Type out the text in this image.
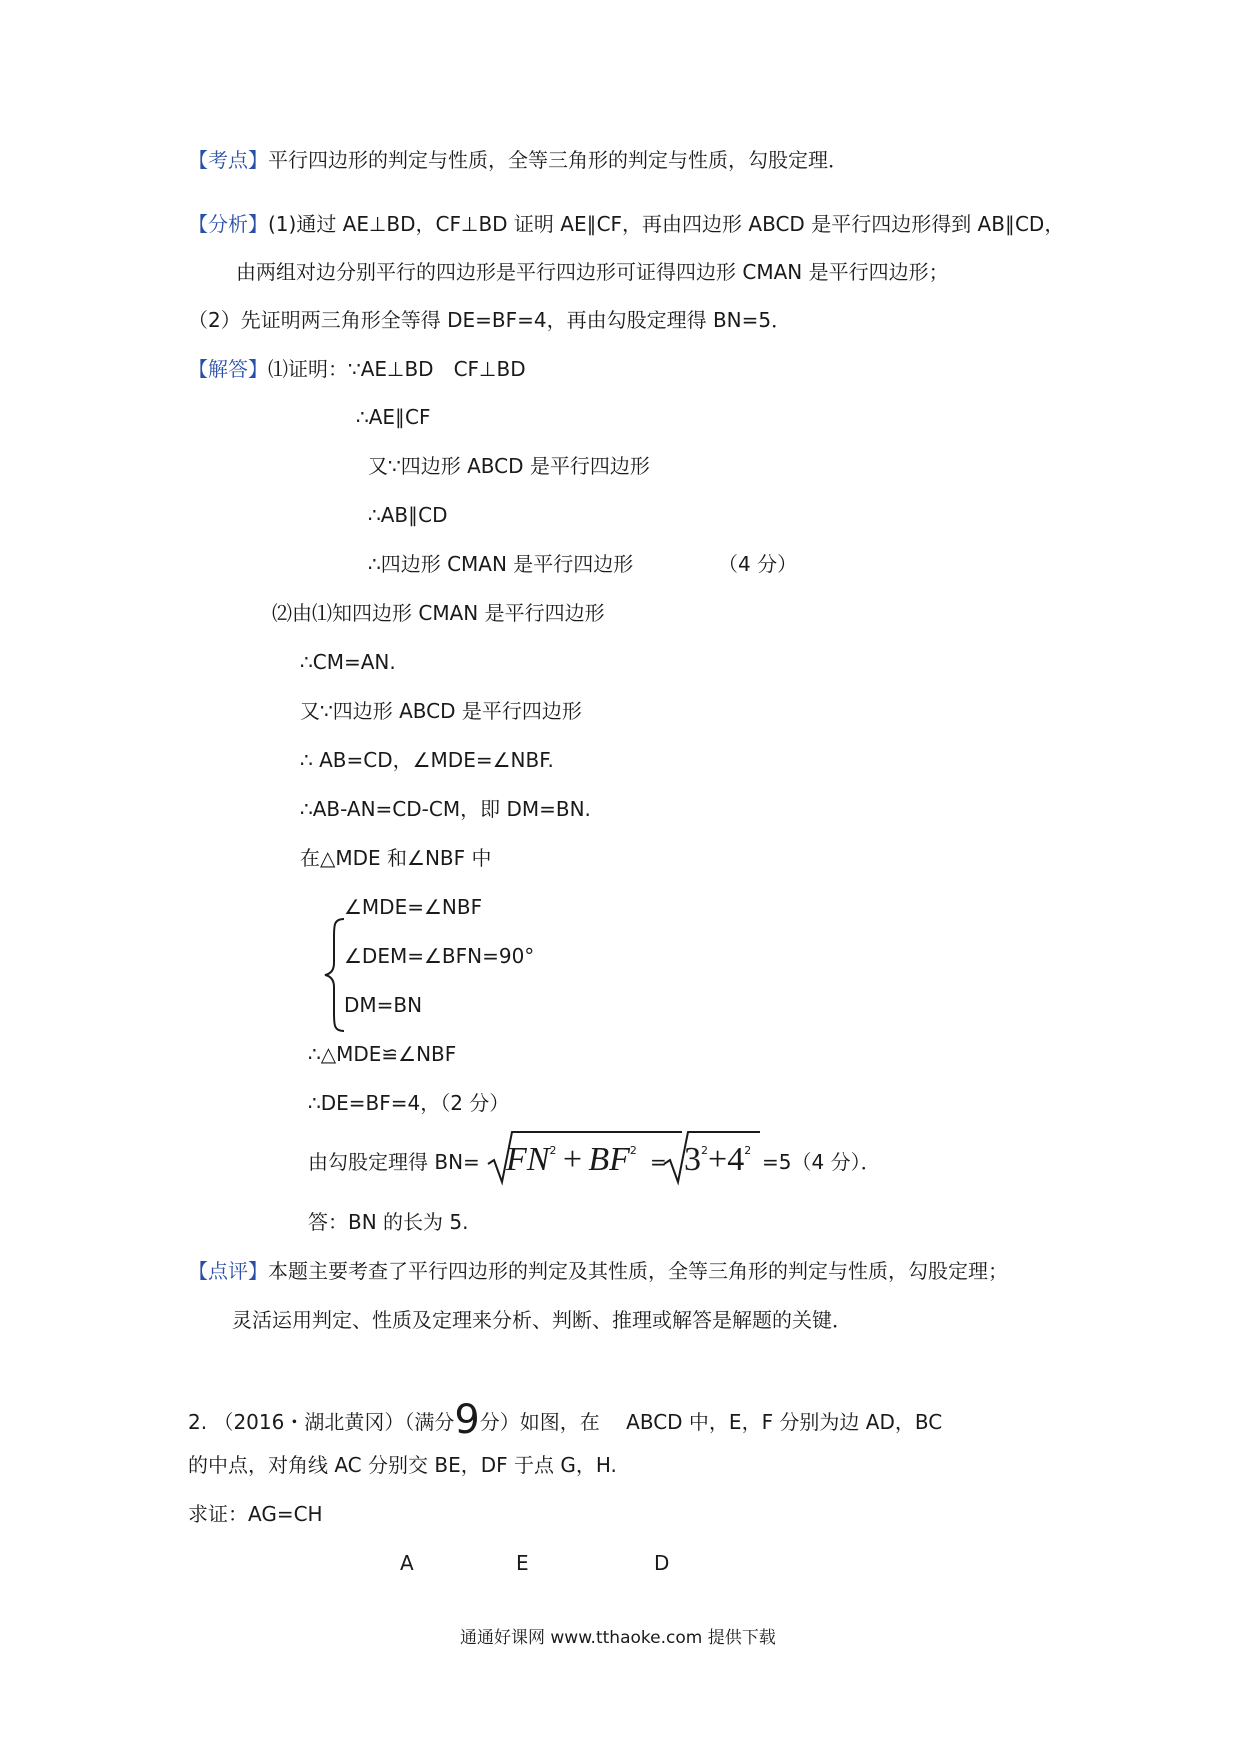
【考点】平行四边形的判定与性质，全等三角形的判定与性质，勾股定理．
【分析】(1)通过 AE⊥BD，CF⊥BD 证明 AE∥CF，再由四边形 ABCD 是平行四边形得到 AB∥CD，
由两组对边分别平行的四边形是平行四边形可证得四边形 CMAN 是平行四边形；
（2）先证明两三角形全等得 DE=BF=4，再由勾股定理得 BN=5．
【解答】⑴证明：∵AE⊥BD　CF⊥BD
∴AE∥CF
又∵四边形 ABCD 是平行四边形
∴AB∥CD
∴四边形 CMAN 是平行四边形	（4 分）
⑵由⑴知四边形 CMAN 是平行四边形
∴CM=AN.
又∵四边形 ABCD 是平行四边形
∴ AB=CD，∠MDE=∠NBF.
∴AB-AN=CD-CM，即 DM=BN.
在△MDE 和∠NBF 中
∠MDE=∠NBF
∠DEM=∠BFN=90°
DM=BN
∴△MDE≌∠NBF
∴DE=BF=4，（2 分）
由勾股定理得 $BN= FN^2 + BF^2 = 3^2+4^2 =5(4$ 分）．
答：BN 的长为 5.
【点评】本题主要考查了平行四边形的判定及其性质，全等三角形的判定与性质，勾股定理；
灵活运用判定、性质及定理来分析、判断、推理或解答是解题的关键．
2. （2016・湖北黄冈）（满分9分）如图，在　 ABCD 中，E，F 分别为边 AD，BC
的中点，对角线 AC 分别交 BE，DF 于点 G，H.
求证：AG=CH
A	E	D
通通好课网 www.tthaoke.com 提供下载
